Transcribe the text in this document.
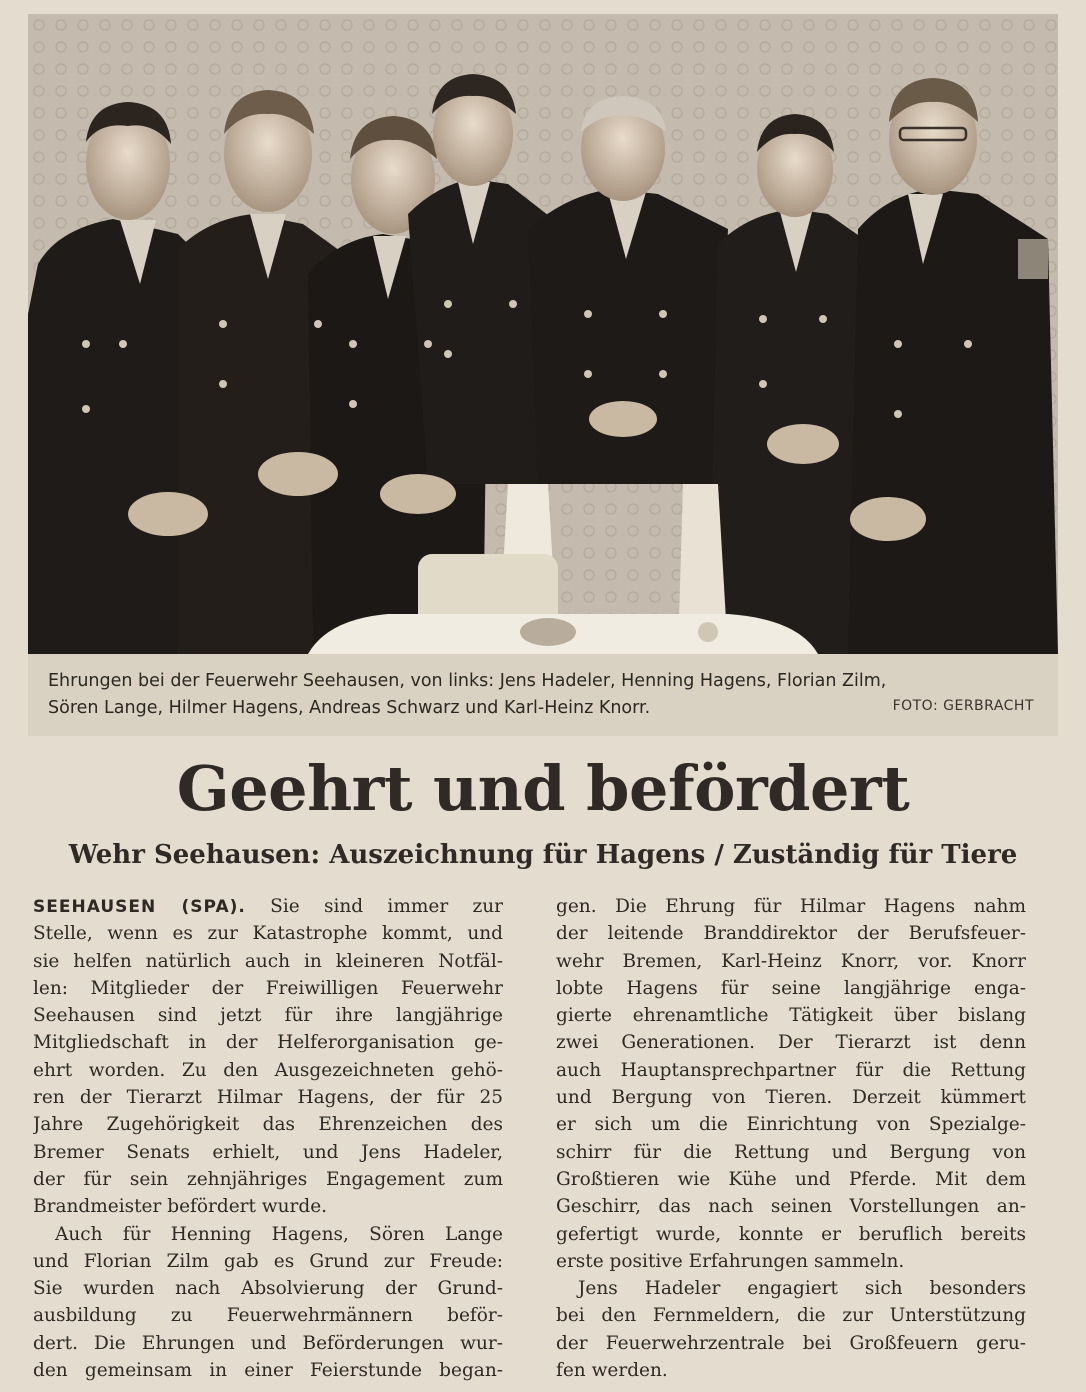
Ehrungen bei der Feuerwehr Seehausen, von links: Jens Hadeler, Henning Hagens, Florian Zilm,
Sören Lange, Hilmer Hagens, Andreas Schwarz und Karl-Heinz Knorr.	FOTO: GERBRACHT
Geehrt und befördert
Wehr Seehausen: Auszeichnung für Hagens / Zuständig für Tiere
SEEHAUSEN (SPA). Sie sind immer zur
Stelle, wenn es zur Katastrophe kommt, und
sie helfen natürlich auch in kleineren Notfäl-
len: Mitglieder der Freiwilligen Feuerwehr
Seehausen sind jetzt für ihre langjährige
Mitgliedschaft in der Helferorganisation ge-
ehrt worden. Zu den Ausgezeichneten gehö-
ren der Tierarzt Hilmar Hagens, der für 25
Jahre Zugehörigkeit das Ehrenzeichen des
Bremer Senats erhielt, und Jens Hadeler,
der für sein zehnjähriges Engagement zum
Brandmeister befördert wurde.
Auch für Henning Hagens, Sören Lange
und Florian Zilm gab es Grund zur Freude:
Sie wurden nach Absolvierung der Grund-
ausbildung zu Feuerwehrmännern beför-
dert. Die Ehrungen und Beförderungen wur-
den gemeinsam in einer Feierstunde began-
gen. Die Ehrung für Hilmar Hagens nahm
der leitende Branddirektor der Berufsfeuer-
wehr Bremen, Karl-Heinz Knorr, vor. Knorr
lobte Hagens für seine langjährige enga-
gierte ehrenamtliche Tätigkeit über bislang
zwei Generationen. Der Tierarzt ist denn
auch Hauptansprechpartner für die Rettung
und Bergung von Tieren. Derzeit kümmert
er sich um die Einrichtung von Spezialge-
schirr für die Rettung und Bergung von
Großtieren wie Kühe und Pferde. Mit dem
Geschirr, das nach seinen Vorstellungen an-
gefertigt wurde, konnte er beruflich bereits
erste positive Erfahrungen sammeln.
Jens Hadeler engagiert sich besonders
bei den Fernmeldern, die zur Unterstützung
der Feuerwehrzentrale bei Großfeuern geru-
fen werden.
